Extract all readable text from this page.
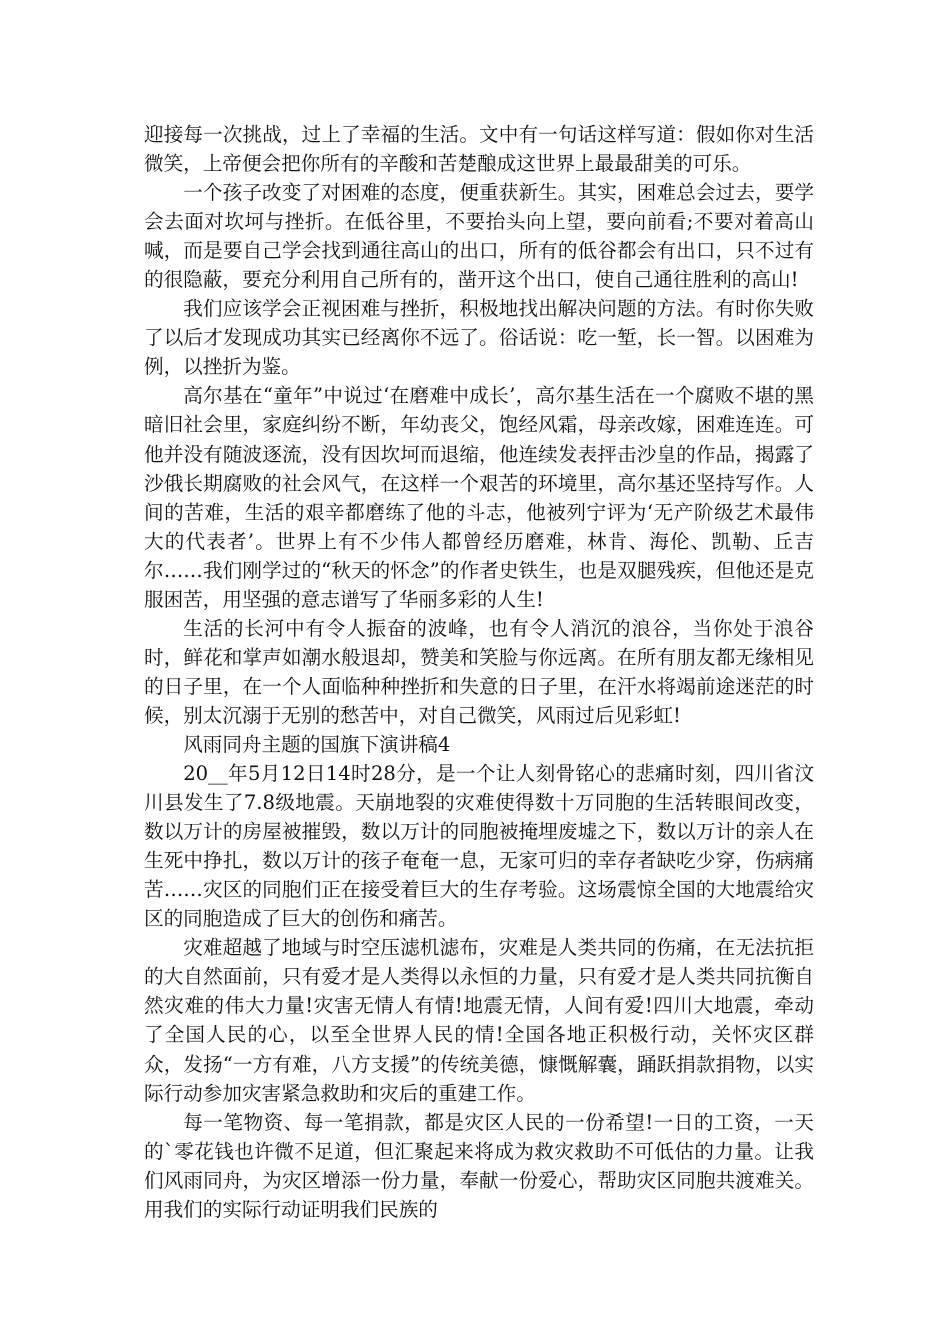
迎接每一次挑战，过上了幸福的生活。文中有一句话这样写道：假如你对生活微笑，上帝便会把你所有的辛酸和苦楚酿成这世界上最最甜美的可乐。

一个孩子改变了对困难的态度，便重获新生。其实，困难总会过去，要学会去面对坎坷与挫折。在低谷里，不要抬头向上望，要向前看;不要对着高山喊，而是要自己学会找到通往高山的出口，所有的低谷都会有出口，只不过有的很隐蔽，要充分利用自己所有的，凿开这个出口，使自己通往胜利的高山!

我们应该学会正视困难与挫折，积极地找出解决问题的方法。有时你失败了以后才发现成功其实已经离你不远了。俗话说：吃一堑，长一智。以困难为例，以挫折为鉴。

高尔基在“童年”中说过‘在磨难中成长’，高尔基生活在一个腐败不堪的黑暗旧社会里，家庭纠纷不断，年幼丧父，饱经风霜，母亲改嫁，困难连连。可他并没有随波逐流，没有因坎坷而退缩，他连续发表抨击沙皇的作品，揭露了沙俄长期腐败的社会风气，在这样一个艰苦的环境里，高尔基还坚持写作。人间的苦难，生活的艰辛都磨练了他的斗志，他被列宁评为‘无产阶级艺术最伟大的代表者’。世界上有不少伟人都曾经历磨难，林肯、海伦、凯勒、丘吉尔……我们刚学过的“秋天的怀念”的作者史铁生，也是双腿残疾，但他还是克服困苦，用坚强的意志谱写了华丽多彩的人生!

生活的长河中有令人振奋的波峰，也有令人消沉的浪谷，当你处于浪谷时，鲜花和掌声如潮水般退却，赞美和笑脸与你远离。在所有朋友都无缘相见的日子里，在一个人面临种种挫折和失意的日子里，在汗水将竭前途迷茫的时候，别太沉溺于无别的愁苦中，对自己微笑，风雨过后见彩虹!

风雨同舟主题的国旗下演讲稿4

20__年5月12日14时28分，是一个让人刻骨铭心的悲痛时刻，四川省汶川县发生了7.8级地震。天崩地裂的灾难使得数十万同胞的生活转眼间改变，数以万计的房屋被摧毁，数以万计的同胞被掩埋废墟之下，数以万计的亲人在生死中挣扎，数以万计的孩子奄奄一息，无家可归的幸存者缺吃少穿，伤病痛苦……灾区的同胞们正在接受着巨大的生存考验。这场震惊全国的大地震给灾区的同胞造成了巨大的创伤和痛苦。

灾难超越了地域与时空压滤机滤布，灾难是人类共同的伤痛，在无法抗拒的大自然面前，只有爱才是人类得以永恒的力量，只有爱才是人类共同抗衡自然灾难的伟大力量!灾害无情人有情!地震无情，人间有爱!四川大地震，牵动了全国人民的心，以至全世界人民的情!全国各地正积极行动，关怀灾区群众，发扬“一方有难，八方支援”的传统美德，慷慨解囊，踊跃捐款捐物，以实际行动参加灾害紧急救助和灾后的重建工作。

每一笔物资、每一笔捐款，都是灾区人民的一份希望!一日的工资，一天的`零花钱也许微不足道，但汇聚起来将成为救灾救助不可低估的力量。让我们风雨同舟，为灾区增添一份力量，奉献一份爱心，帮助灾区同胞共渡难关。用我们的实际行动证明我们民族的
